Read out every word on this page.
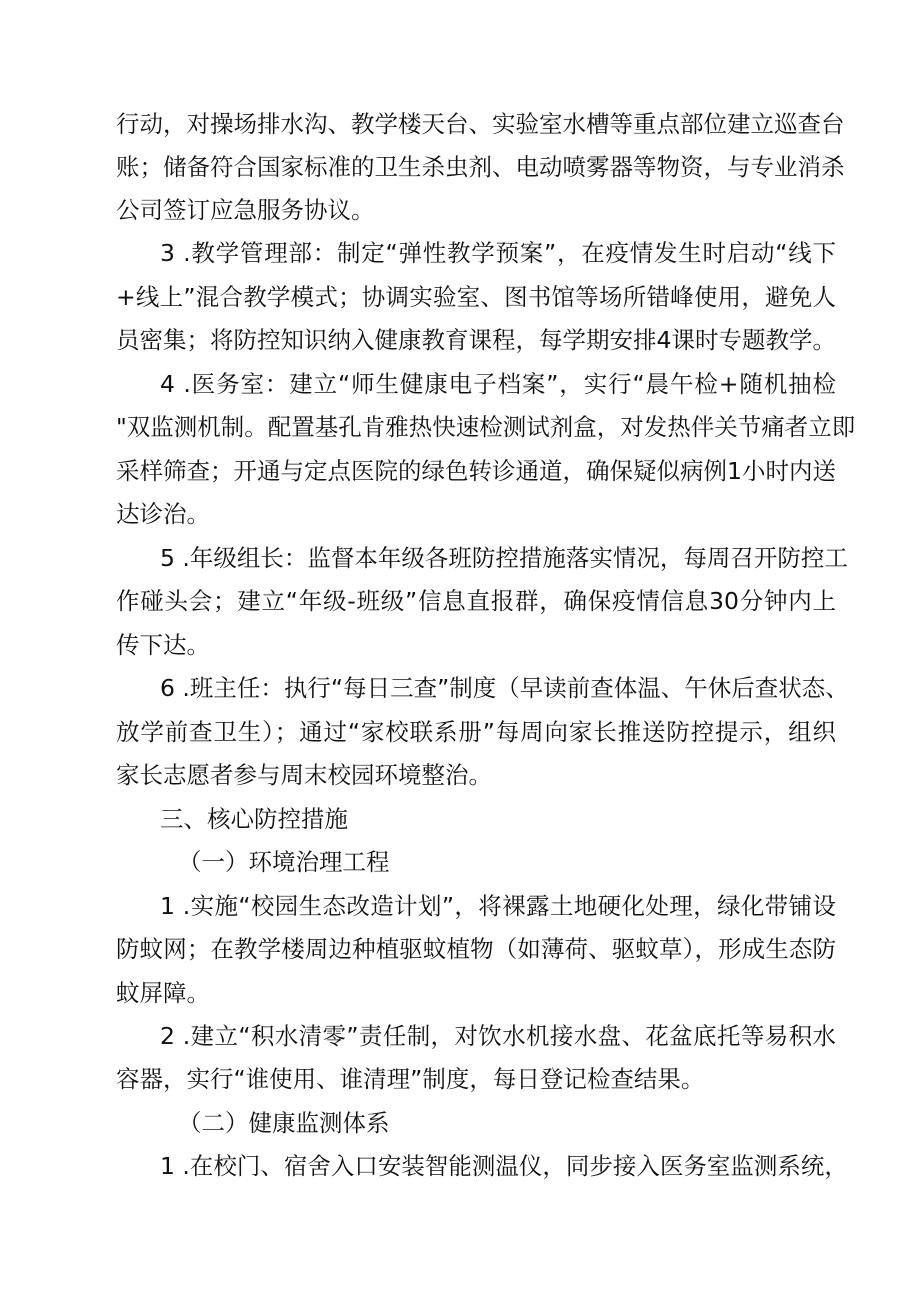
行动，对操场排水沟、教学楼天台、实验室水槽等重点部位建立巡查台
账；储备符合国家标准的卫生杀虫剂、电动喷雾器等物资，与专业消杀
公司签订应急服务协议。
3 .教学管理部：制定“弹性教学预案”，在疫情发生时启动“线下
+线上”混合教学模式；协调实验室、图书馆等场所错峰使用，避免人
员密集；将防控知识纳入健康教育课程，每学期安排4课时专题教学。
4 .医务室：建立“师生健康电子档案”，实行“晨午检+随机抽检
"双监测机制。配置基孔肯雅热快速检测试剂盒，对发热伴关节痛者立即
采样筛查；开通与定点医院的绿色转诊通道，确保疑似病例1小时内送
达诊治。
5 .年级组长：监督本年级各班防控措施落实情况，每周召开防控工
作碰头会；建立“年级-班级”信息直报群，确保疫情信息30分钟内上
传下达。
6 .班主任：执行“每日三查”制度（早读前查体温、午休后查状态、
放学前查卫生）；通过“家校联系册”每周向家长推送防控提示，组织
家长志愿者参与周末校园环境整治。
三、核心防控措施
（一）环境治理工程
1 .实施“校园生态改造计划”，将裸露土地硬化处理，绿化带铺设
防蚊网；在教学楼周边种植驱蚊植物（如薄荷、驱蚊草），形成生态防
蚊屏障。
2 .建立“积水清零”责任制，对饮水机接水盘、花盆底托等易积水
容器，实行“谁使用、谁清理”制度，每日登记检查结果。
（二）健康监测体系
1 .在校门、宿舍入口安装智能测温仪，同步接入医务室监测系统，
